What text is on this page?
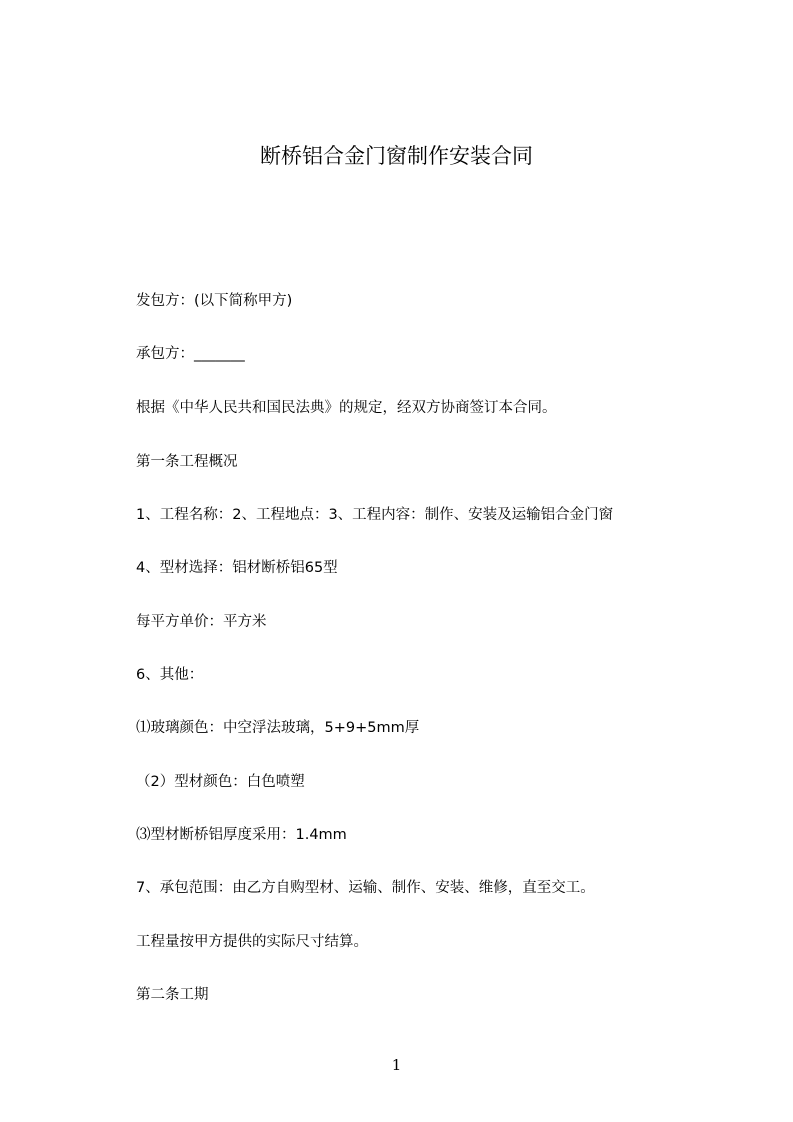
断桥铝合金门窗制作安装合同

发包方：(以下简称甲方)

承包方：_______

根据《中华人民共和国民法典》的规定，经双方协商签订本合同。

第一条工程概况

1、工程名称：2、工程地点：3、工程内容：制作、安装及运输铝合金门窗

4、型材选择：铝材断桥铝65型

每平方单价：平方米

6、其他：

⑴玻璃颜色：中空浮法玻璃，5+9+5mm厚

（2）型材颜色：白色喷塑

⑶型材断桥铝厚度采用：1.4mm

7、承包范围：由乙方自购型材、运输、制作、安装、维修，直至交工。

工程量按甲方提供的实际尺寸结算。

第二条工期

1
